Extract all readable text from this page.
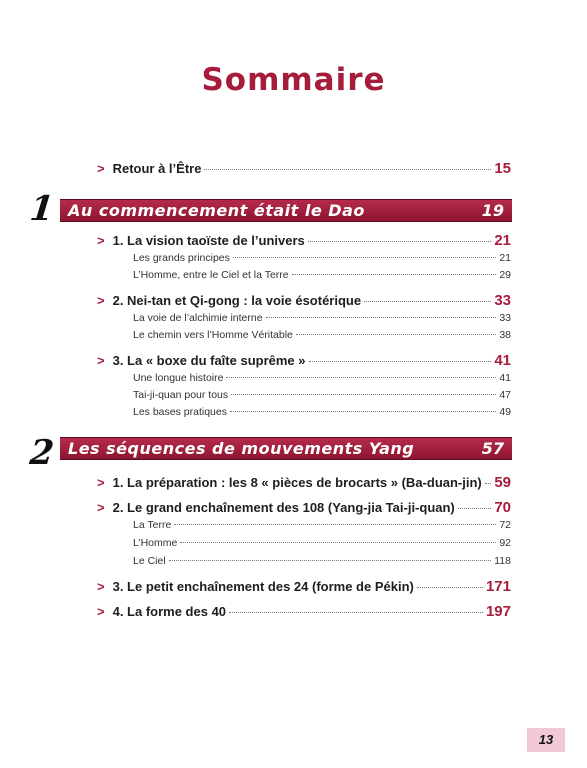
Sommaire
> Retour à l’Être	15
1 Au commencement était le Dao	19
> 1. La vision taoïste de l’univers	21
Les grands principes	21
L’Homme, entre le Ciel et la Terre	29
> 2. Nei-tan et Qi-gong : la voie ésotérique	33
La voie de l’alchimie interne	33
Le chemin vers l’Homme Véritable	38
> 3. La « boxe du faîte suprême »	41
Une longue histoire	41
Tai-ji-quan pour tous	47
Les bases pratiques	49
2 Les séquences de mouvements Yang	57
> 1. La préparation : les 8 « pièces de brocarts » (Ba-duan-jin) 59
> 2. Le grand enchaînement des 108 (Yang-jia Tai-ji-quan)	70
La Terre	72
L’Homme	92
Le Ciel	118
> 3. Le petit enchaînement des 24 (forme de Pékin)	171
> 4. La forme des 40	197
13
